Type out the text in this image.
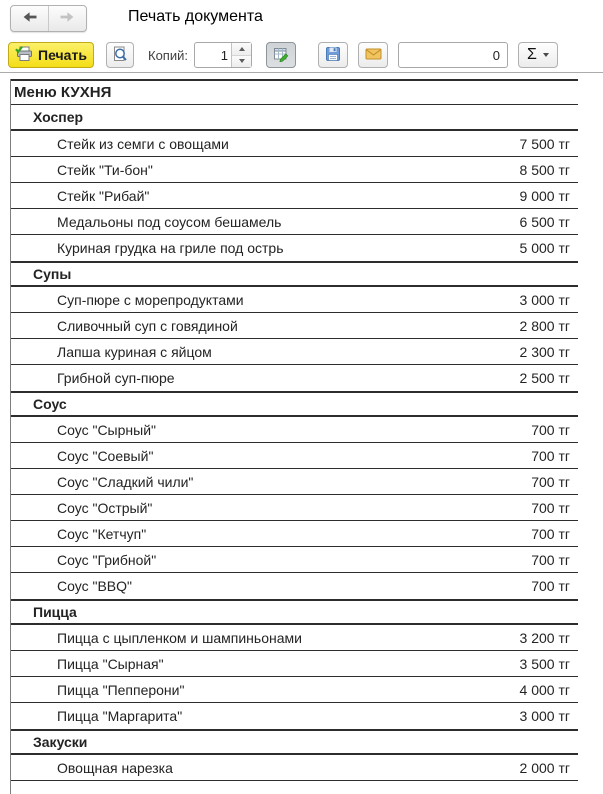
Печать документа
Печать	Копий:
1
0	Σ
Меню КУХНЯ
Хоспер
Стейк из семги с овощами	7 500 тг
Стейк "Ти-бон"	8 500 тг
Стейк "Рибай"	9 000 тг
Медальоны под соусом бешамель	6 500 тг
Куриная грудка на гриле под острь	5 000 тг
Супы
Суп-пюре с морепродуктами	3 000 тг
Сливочный суп с говядиной	2 800 тг
Лапша куриная с яйцом	2 300 тг
Грибной суп-пюре	2 500 тг
Соус
Соус "Сырный"	700 тг
Соус "Соевый"	700 тг
Соус "Сладкий чили"	700 тг
Соус "Острый"	700 тг
Соус "Кетчуп"	700 тг
Соус "Грибной"	700 тг
Соус "BBQ"	700 тг
Пицца
Пицца с цыпленком и шампиньонами	3 200 тг
Пицца "Сырная"	3 500 тг
Пицца "Пепперони"	4 000 тг
Пицца "Маргарита"	3 000 тг
Закуски
Овощная нарезка	2 000 тг
